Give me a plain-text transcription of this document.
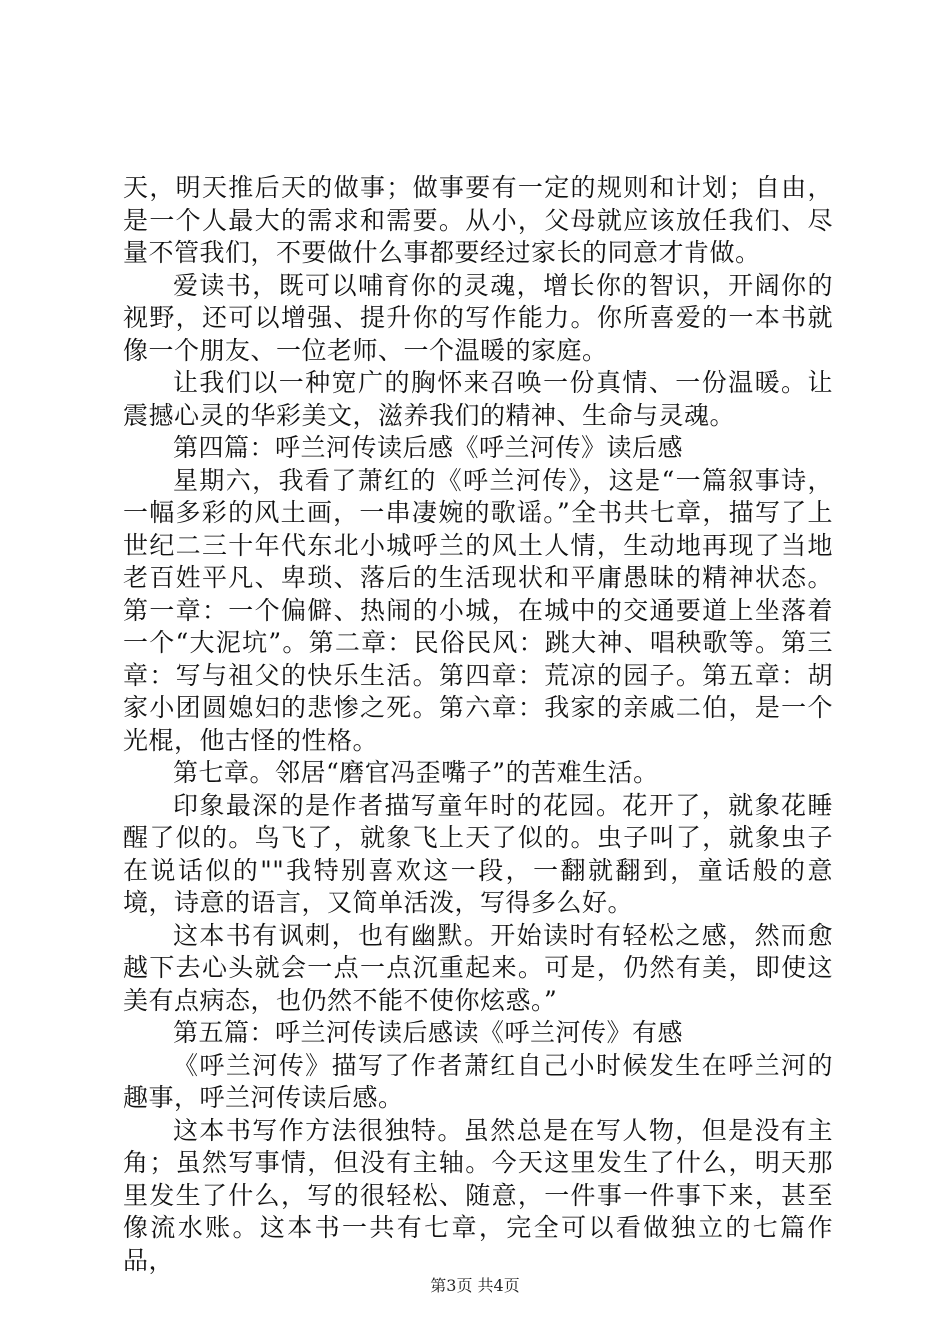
天，明天推后天的做事；做事要有一定的规则和计划；自由，是一个人最大的需求和需要。从小，父母就应该放任我们、尽量不管我们，不要做什么事都要经过家长的同意才肯做。

爱读书，既可以哺育你的灵魂，增长你的智识，开阔你的视野，还可以增强、提升你的写作能力。你所喜爱的一本书就像一个朋友、一位老师、一个温暖的家庭。

让我们以一种宽广的胸怀来召唤一份真情、一份温暖。让震撼心灵的华彩美文，滋养我们的精神、生命与灵魂。

第四篇：呼兰河传读后感《呼兰河传》读后感

星期六，我看了萧红的《呼兰河传》，这是“一篇叙事诗，一幅多彩的风土画，一串凄婉的歌谣。”全书共七章，描写了上世纪二三十年代东北小城呼兰的风土人情，生动地再现了当地老百姓平凡、卑琐、落后的生活现状和平庸愚昧的精神状态。第一章：一个偏僻、热闹的小城，在城中的交通要道上坐落着一个“大泥坑”。第二章：民俗民风：跳大神、唱秧歌等。第三章：写与祖父的快乐生活。第四章：荒凉的园子。第五章：胡家小团圆媳妇的悲惨之死。第六章：我家的亲戚二伯，是一个光棍，他古怪的性格。

第七章。邻居“磨官冯歪嘴子”的苦难生活。

印象最深的是作者描写童年时的花园。花开了，就象花睡醒了似的。鸟飞了，就象飞上天了似的。虫子叫了，就象虫子在说话似的""我特别喜欢这一段，一翻就翻到，童话般的意境，诗意的语言，又简单活泼，写得多么好。

这本书有讽刺，也有幽默。开始读时有轻松之感，然而愈越下去心头就会一点一点沉重起来。可是，仍然有美，即使这美有点病态，也仍然不能不使你炫惑。”

第五篇：呼兰河传读后感读《呼兰河传》有感

《呼兰河传》描写了作者萧红自己小时候发生在呼兰河的趣事，呼兰河传读后感。

这本书写作方法很独特。虽然总是在写人物，但是没有主角；虽然写事情，但没有主轴。今天这里发生了什么，明天那里发生了什么，写的很轻松、随意，一件事一件事下来，甚至像流水账。这本书一共有七章，完全可以看做独立的七篇作品，

第3页 共4页
